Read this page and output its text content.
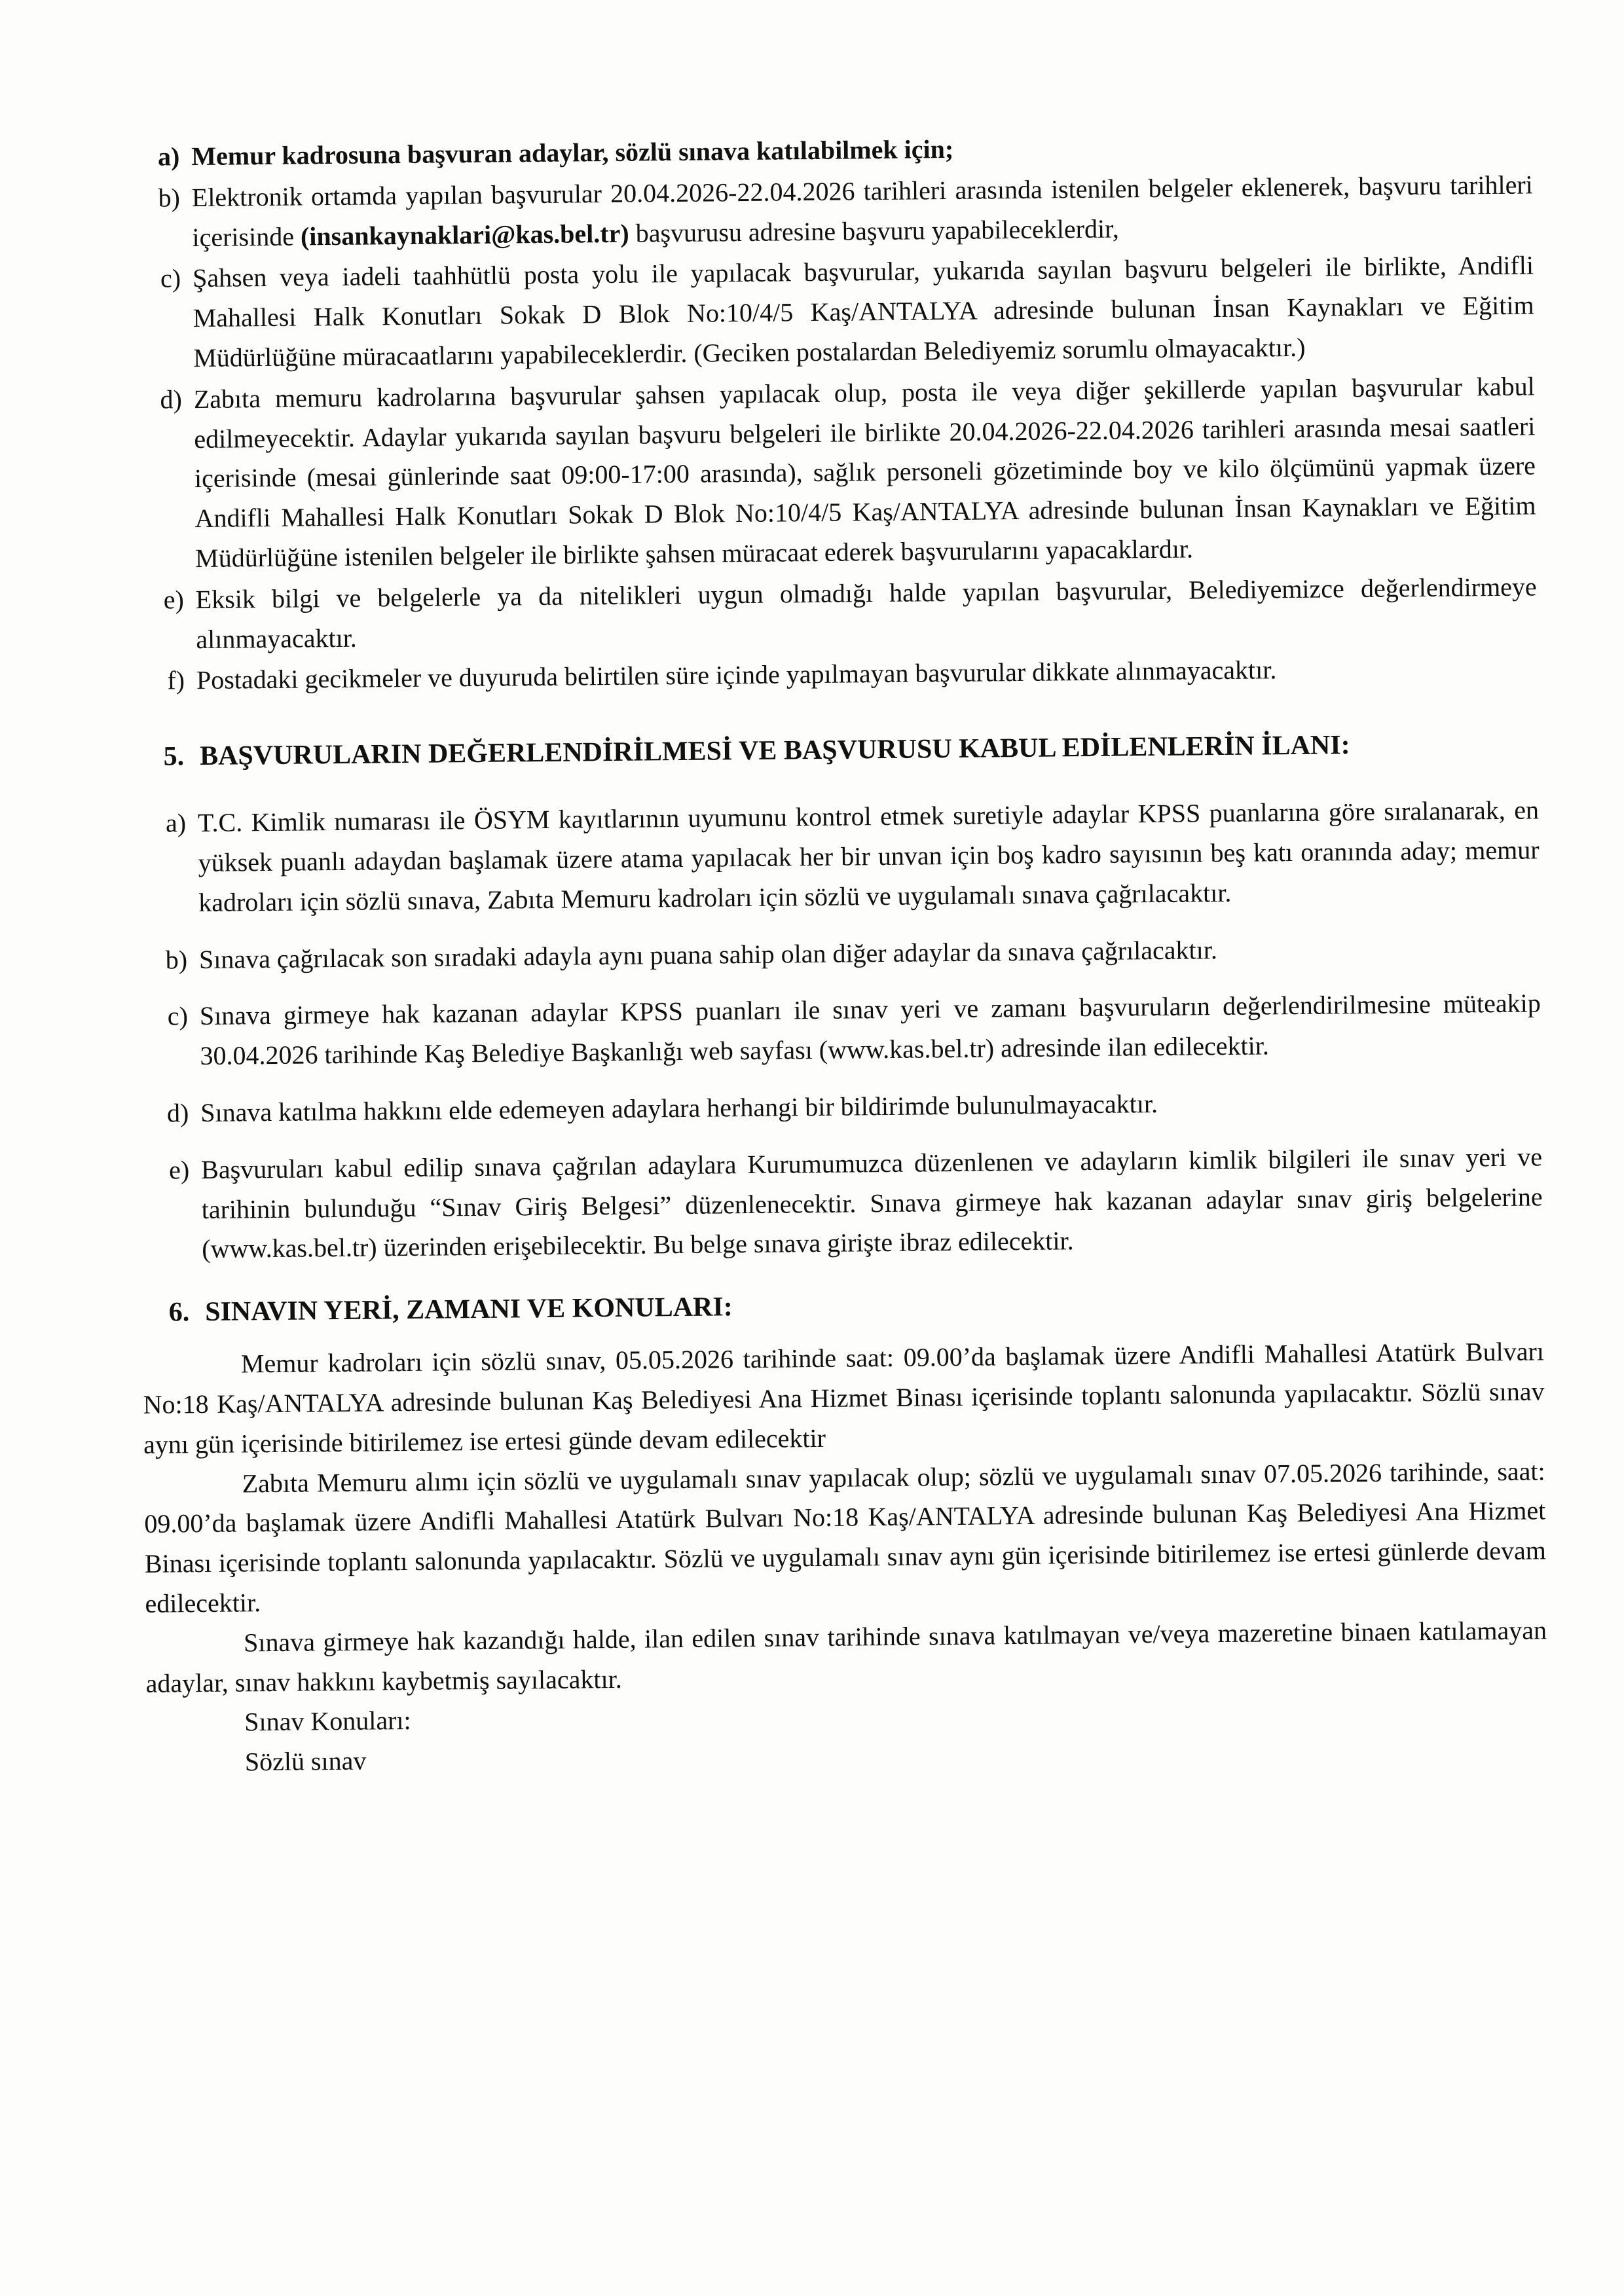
a) Memur kadrosuna başvuran adaylar, sözlü sınava katılabilmek için;
b) Elektronik ortamda yapılan başvurular 20.04.2026-22.04.2026 tarihleri arasında istenilen belgeler eklenerek, başvuru tarihleri içerisinde (insankaynaklari@kas.bel.tr) başvurusu adresine başvuru yapabileceklerdir,
c) Şahsen veya iadeli taahhütlü posta yolu ile yapılacak başvurular, yukarıda sayılan başvuru belgeleri ile birlikte, Andifli Mahallesi Halk Konutları Sokak D Blok No:10/4/5 Kaş/ANTALYA adresinde bulunan İnsan Kaynakları ve Eğitim Müdürlüğüne müracaatlarını yapabileceklerdir. (Geciken postalardan Belediyemiz sorumlu olmayacaktır.)
d) Zabıta memuru kadrolarına başvurular şahsen yapılacak olup, posta ile veya diğer şekillerde yapılan başvurular kabul edilmeyecektir. Adaylar yukarıda sayılan başvuru belgeleri ile birlikte 20.04.2026-22.04.2026 tarihleri arasında mesai saatleri içerisinde (mesai günlerinde saat 09:00-17:00 arasında), sağlık personeli gözetiminde boy ve kilo ölçümünü yapmak üzere Andifli Mahallesi Halk Konutları Sokak D Blok No:10/4/5 Kaş/ANTALYA adresinde bulunan İnsan Kaynakları ve Eğitim Müdürlüğüne istenilen belgeler ile birlikte şahsen müracaat ederek başvurularını yapacaklardır.
e) Eksik bilgi ve belgelerle ya da nitelikleri uygun olmadığı halde yapılan başvurular, Belediyemizce değerlendirmeye alınmayacaktır.
f) Postadaki gecikmeler ve duyuruda belirtilen süre içinde yapılmayan başvurular dikkate alınmayacaktır.
5. BAŞVURULARIN DEĞERLENDİRİLMESİ VE BAŞVURUSU KABUL EDİLENLERİN İLANI:
a) T.C. Kimlik numarası ile ÖSYM kayıtlarının uyumunu kontrol etmek suretiyle adaylar KPSS puanlarına göre sıralanarak, en yüksek puanlı adaydan başlamak üzere atama yapılacak her bir unvan için boş kadro sayısının beş katı oranında aday; memur kadroları için sözlü sınava, Zabıta Memuru kadroları için sözlü ve uygulamalı sınava çağrılacaktır.
b) Sınava çağrılacak son sıradaki adayla aynı puana sahip olan diğer adaylar da sınava çağrılacaktır.
c) Sınava girmeye hak kazanan adaylar KPSS puanları ile sınav yeri ve zamanı başvuruların değerlendirilmesine müteakip 30.04.2026 tarihinde Kaş Belediye Başkanlığı web sayfası (www.kas.bel.tr) adresinde ilan edilecektir.
d) Sınava katılma hakkını elde edemeyen adaylara herhangi bir bildirimde bulunulmayacaktır.
e) Başvuruları kabul edilip sınava çağrılan adaylara Kurumumuzca düzenlenen ve adayların kimlik bilgileri ile sınav yeri ve tarihinin bulunduğu “Sınav Giriş Belgesi” düzenlenecektir. Sınava girmeye hak kazanan adaylar sınav giriş belgelerine (www.kas.bel.tr) üzerinden erişebilecektir. Bu belge sınava girişte ibraz edilecektir.
6. SINAVIN YERİ, ZAMANI VE KONULARI:

Memur kadroları için sözlü sınav, 05.05.2026 tarihinde saat: 09.00’da başlamak üzere Andifli Mahallesi Atatürk Bulvarı No:18 Kaş/ANTALYA adresinde bulunan Kaş Belediyesi Ana Hizmet Binası içerisinde toplantı salonunda yapılacaktır. Sözlü sınav aynı gün içerisinde bitirilemez ise ertesi günde devam edilecektir

Zabıta Memuru alımı için sözlü ve uygulamalı sınav yapılacak olup; sözlü ve uygulamalı sınav 07.05.2026 tarihinde, saat: 09.00’da başlamak üzere Andifli Mahallesi Atatürk Bulvarı No:18 Kaş/ANTALYA adresinde bulunan Kaş Belediyesi Ana Hizmet Binası içerisinde toplantı salonunda yapılacaktır. Sözlü ve uygulamalı sınav aynı gün içerisinde bitirilemez ise ertesi günlerde devam edilecektir.

Sınava girmeye hak kazandığı halde, ilan edilen sınav tarihinde sınava katılmayan ve/veya mazeretine binaen katılamayan adaylar, sınav hakkını kaybetmiş sayılacaktır.

Sınav Konuları:

Sözlü sınav
